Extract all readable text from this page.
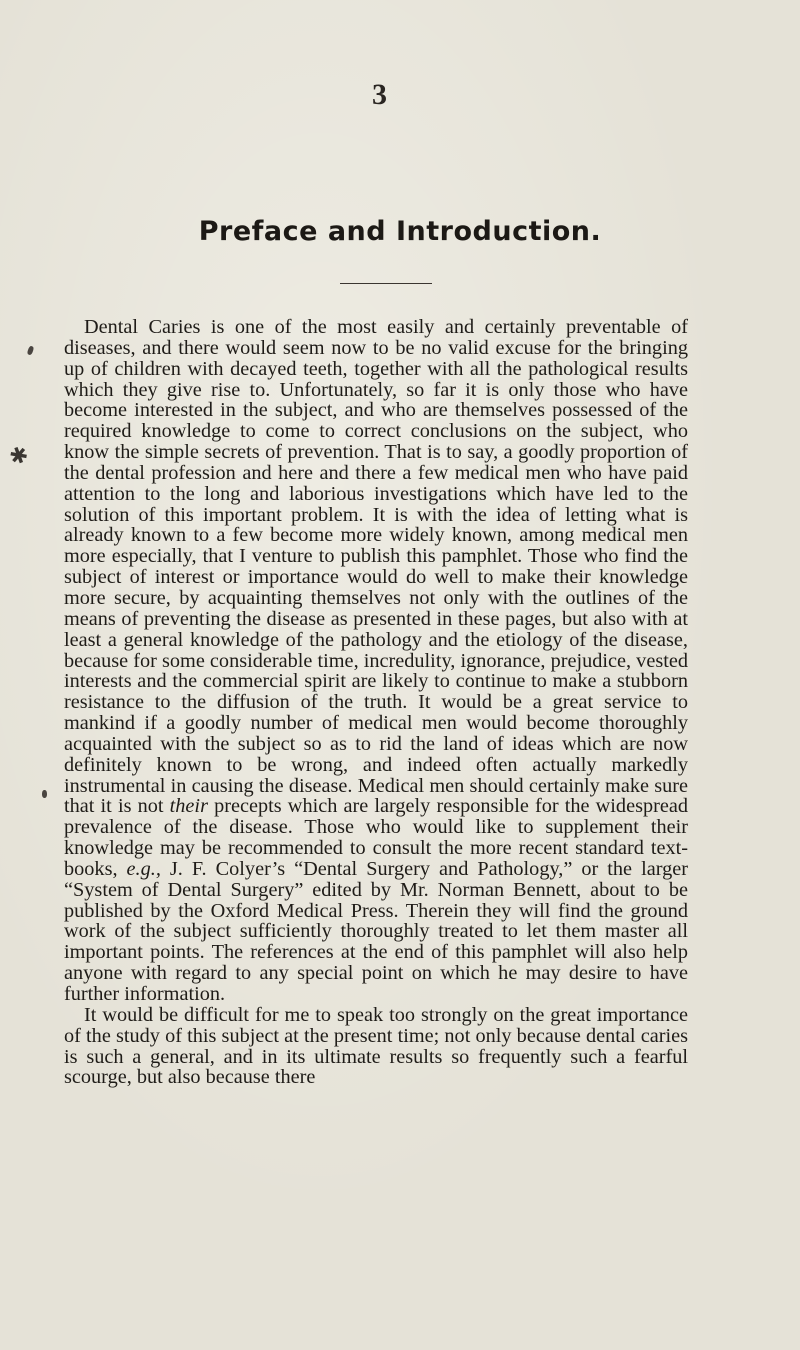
3
Preface and Introduction.
✱

Dental Caries is one of the most easily and certainly preventable of diseases, and there would seem now to be no valid excuse for the bringing up of children with decayed teeth, together with all the pathological results which they give rise to. Unfortunately, so far it is only those who have become interested in the subject, and who are themselves possessed of the required knowledge to come to correct conclusions on the subject, who know the simple secrets of prevention. That is to say, a goodly proportion of the dental profession and here and there a few medical men who have paid attention to the long and laborious investigations which have led to the solution of this important problem. It is with the idea of letting what is already known to a few become more widely known, among medical men more especially, that I venture to publish this pamphlet. Those who find the subject of interest or importance would do well to make their knowledge more secure, by acquainting themselves not only with the outlines of the means of preventing the disease as presented in these pages, but also with at least a general knowledge of the pathology and the etiology of the disease, because for some considerable time, incredulity, ignorance, prejudice, vested interests and the commercial spirit are likely to continue to make a stubborn resistance to the diffusion of the truth. It would be a great service to mankind if a goodly number of medical men would become thoroughly acquainted with the subject so as to rid the land of ideas which are now definitely known to be wrong, and indeed often actually markedly instrumental in causing the disease. Medical men should certainly make sure that it is not their precepts which are largely responsible for the widespread prevalence of the disease. Those who would like to supplement their knowledge may be recommended to consult the more recent standard text-books, e.g., J. F. Colyer’s “Dental Surgery and Pathology,” or the larger “System of Dental Surgery” edited by Mr. Norman Bennett, about to be published by the Oxford Medical Press. Therein they will find the ground work of the subject sufficiently thoroughly treated to let them master all important points. The references at the end of this pamphlet will also help anyone with regard to any special point on which he may desire to have further information.

It would be difficult for me to speak too strongly on the great importance of the study of this subject at the present time; not only because dental caries is such a general, and in its ultimate results so frequently such a fearful scourge, but also because there
